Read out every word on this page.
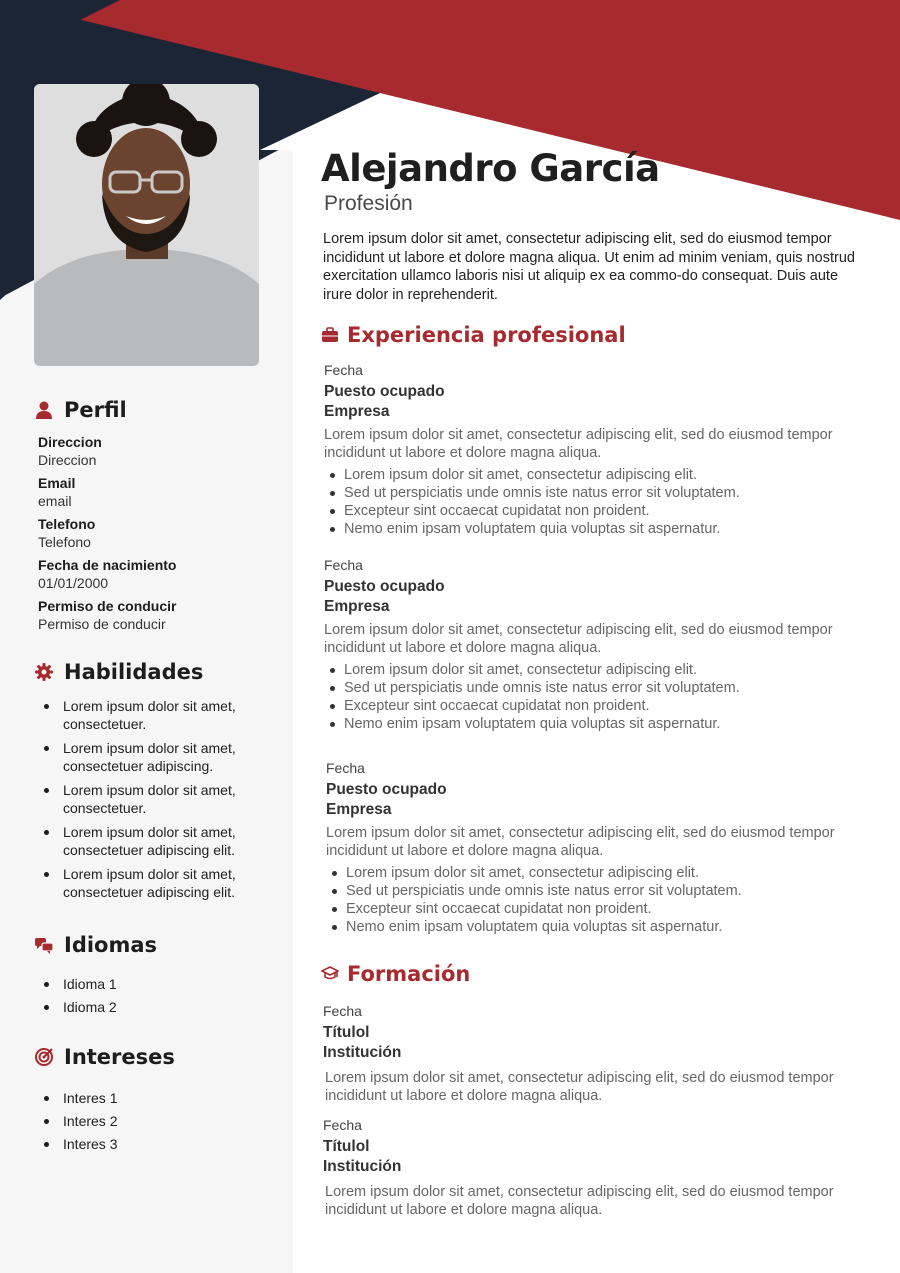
Perfil
Direccion
Direccion
Email
email
Telefono
Telefono
Fecha de nacimiento
01/01/2000
Permiso de conducir
Permiso de conducir
Habilidades
Lorem ipsum dolor sit amet, consectetuer.
Lorem ipsum dolor sit amet, consectetuer adipiscing.
Lorem ipsum dolor sit amet, consectetuer.
Lorem ipsum dolor sit amet, consectetuer adipiscing elit.
Lorem ipsum dolor sit amet, consectetuer adipiscing elit.
Idiomas
Idioma 1
Idioma 2
Intereses
Interes 1
Interes 2
Interes 3
Alejandro García
Profesión
Lorem ipsum dolor sit amet, consectetur adipiscing elit, sed do eiusmod tempor incididunt ut labore et dolore magna aliqua. Ut enim ad minim veniam, quis nostrud exercitation ullamco laboris nisi ut aliquip ex ea commo-do consequat. Duis aute irure dolor in reprehenderit.
Experiencia profesional
Fecha
Puesto ocupado
Empresa
Lorem ipsum dolor sit amet, consectetur adipiscing elit, sed do eiusmod tempor incididunt ut labore et dolore magna aliqua.
Lorem ipsum dolor sit amet, consectetur adipiscing elit.
Sed ut perspiciatis unde omnis iste natus error sit voluptatem.
Excepteur sint occaecat cupidatat non proident.
Nemo enim ipsam voluptatem quia voluptas sit aspernatur.
Fecha
Puesto ocupado
Empresa
Lorem ipsum dolor sit amet, consectetur adipiscing elit, sed do eiusmod tempor incididunt ut labore et dolore magna aliqua.
Lorem ipsum dolor sit amet, consectetur adipiscing elit.
Sed ut perspiciatis unde omnis iste natus error sit voluptatem.
Excepteur sint occaecat cupidatat non proident.
Nemo enim ipsam voluptatem quia voluptas sit aspernatur.
Fecha
Puesto ocupado
Empresa
Lorem ipsum dolor sit amet, consectetur adipiscing elit, sed do eiusmod tempor incididunt ut labore et dolore magna aliqua.
Lorem ipsum dolor sit amet, consectetur adipiscing elit.
Sed ut perspiciatis unde omnis iste natus error sit voluptatem.
Excepteur sint occaecat cupidatat non proident.
Nemo enim ipsam voluptatem quia voluptas sit aspernatur.
Formación
Fecha
Títulol
Institución
Lorem ipsum dolor sit amet, consectetur adipiscing elit, sed do eiusmod tempor incididunt ut labore et dolore magna aliqua.
Fecha
Títulol
Institución
Lorem ipsum dolor sit amet, consectetur adipiscing elit, sed do eiusmod tempor incididunt ut labore et dolore magna aliqua.
